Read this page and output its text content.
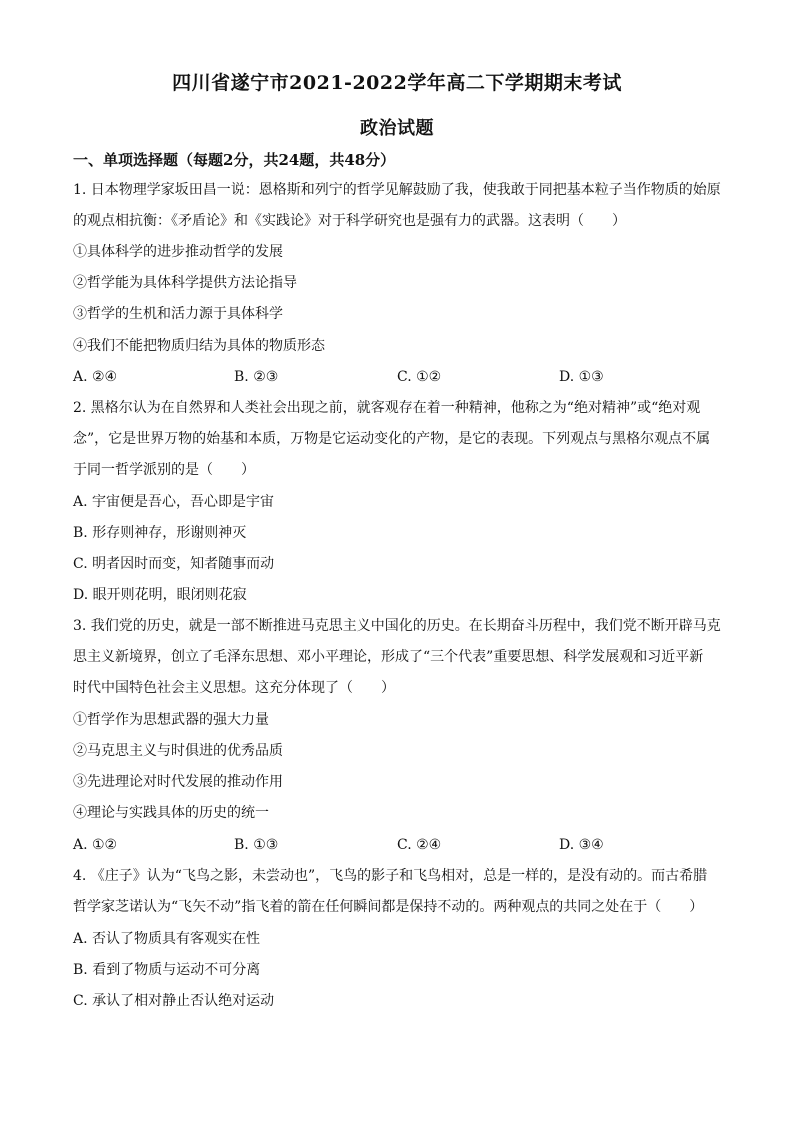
四川省遂宁市2021-2022学年高二下学期期末考试
政治试题
一、单项选择题（每题2分，共24题，共48分）
1. 日本物理学家坂田昌一说：恩格斯和列宁的哲学见解鼓励了我，使我敢于同把基本粒子当作物质的始原
的观点相抗衡：《矛盾论》和《实践论》对于科学研究也是强有力的武器。这表明（　　）
①具体科学的进步推动哲学的发展
②哲学能为具体科学提供方法论指导
③哲学的生机和活力源于具体科学
④我们不能把物质归结为具体的物质形态
A. ②④	B. ②③	C. ①②	D. ①③
2. 黑格尔认为在自然界和人类社会出现之前，就客观存在着一种精神，他称之为“绝对精神”或“绝对观
念”，它是世界万物的始基和本质，万物是它运动变化的产物，是它的表现。下列观点与黑格尔观点不属
于同一哲学派别的是（　　）
A. 宇宙便是吾心，吾心即是宇宙
B. 形存则神存，形谢则神灭
C. 明者因时而变，知者随事而动
D. 眼开则花明，眼闭则花寂
3. 我们党的历史，就是一部不断推进马克思主义中国化的历史。在长期奋斗历程中，我们党不断开辟马克
思主义新境界，创立了毛泽东思想、邓小平理论，形成了“三个代表”重要思想、科学发展观和习近平新
时代中国特色社会主义思想。这充分体现了（　　）
①哲学作为思想武器的强大力量
②马克思主义与时俱进的优秀品质
③先进理论对时代发展的推动作用
④理论与实践具体的历史的统一
A. ①②	B. ①③	C. ②④	D. ③④
4. 《庄子》认为“飞鸟之影，未尝动也”，飞鸟的影子和飞鸟相对，总是一样的，是没有动的。而古希腊
哲学家芝诺认为“飞矢不动”指飞着的箭在任何瞬间都是保持不动的。两种观点的共同之处在于（　　）
A. 否认了物质具有客观实在性
B. 看到了物质与运动不可分离
C. 承认了相对静止否认绝对运动
